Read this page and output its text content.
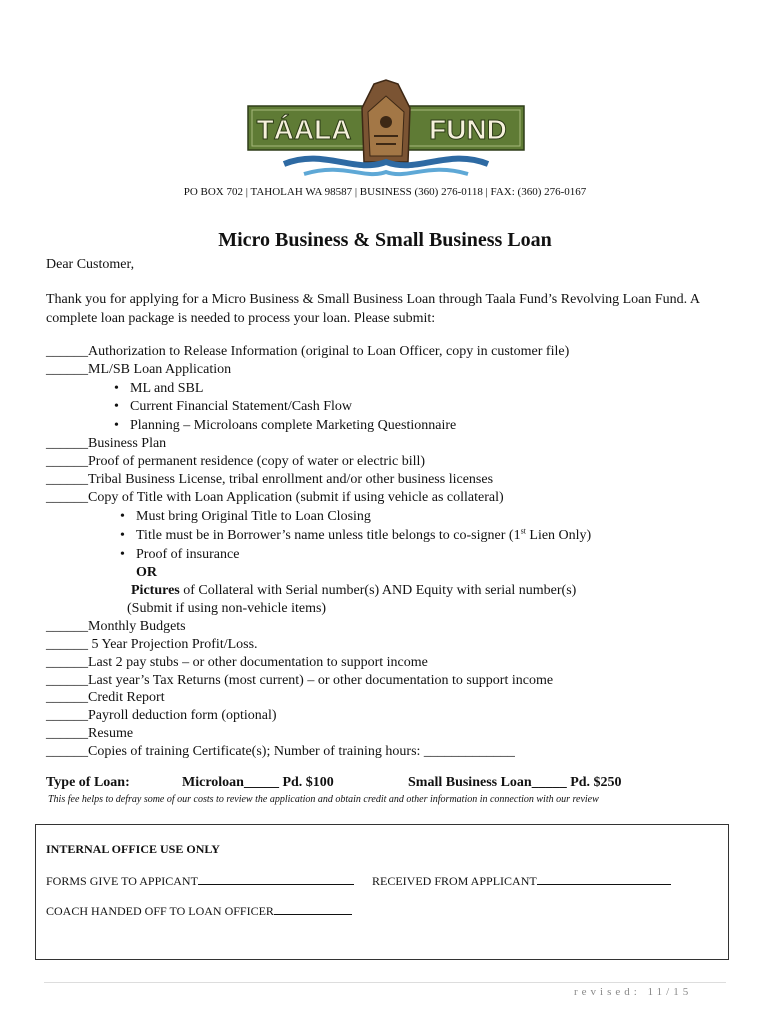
TÁALA	FUND
PO BOX 702 | TAHOLAH WA 98587 | BUSINESS (360) 276-0118 | FAX: (360) 276-0167
Micro Business & Small Business Loan
Dear Customer,
Thank you for applying for a Micro Business & Small Business Loan through Taala Fund’s Revolving Loan Fund. A complete loan package is needed to process your loan. Please submit:
______Authorization to Release Information (original to Loan Officer, copy in customer file)
______ML/SB Loan Application
• ML and SBL
• Current Financial Statement/Cash Flow
• Planning – Microloans complete Marketing Questionnaire
______Business Plan
______Proof of permanent residence (copy of water or electric bill)
______Tribal Business License, tribal enrollment and/or other business licenses
______Copy of Title with Loan Application (submit if using vehicle as collateral)
• Must bring Original Title to Loan Closing
• Title must be in Borrower’s name unless title belongs to co-signer (1st Lien Only)
• Proof of insurance
OR
Pictures of Collateral with Serial number(s) AND Equity with serial number(s)
(Submit if using non-vehicle items)
______Monthly Budgets
______ 5 Year Projection Profit/Loss.
______Last 2 pay stubs – or other documentation to support income
______Last year’s Tax Returns (most current) – or other documentation to support income
______Credit Report
______Payroll deduction form (optional)
______Resume
______Copies of training Certificate(s); Number of training hours: _____________
Type of Loan:	Microloan_____ Pd. $100	Small Business Loan_____ Pd. $250
This fee helps to defray some of our costs to review the application and obtain credit and other information in connection with our review
INTERNAL OFFICE USE ONLY
FORMS GIVE TO APPICANT	RECEIVED FROM APPLICANT
COACH HANDED OFF TO LOAN OFFICER
revised: 11/15
